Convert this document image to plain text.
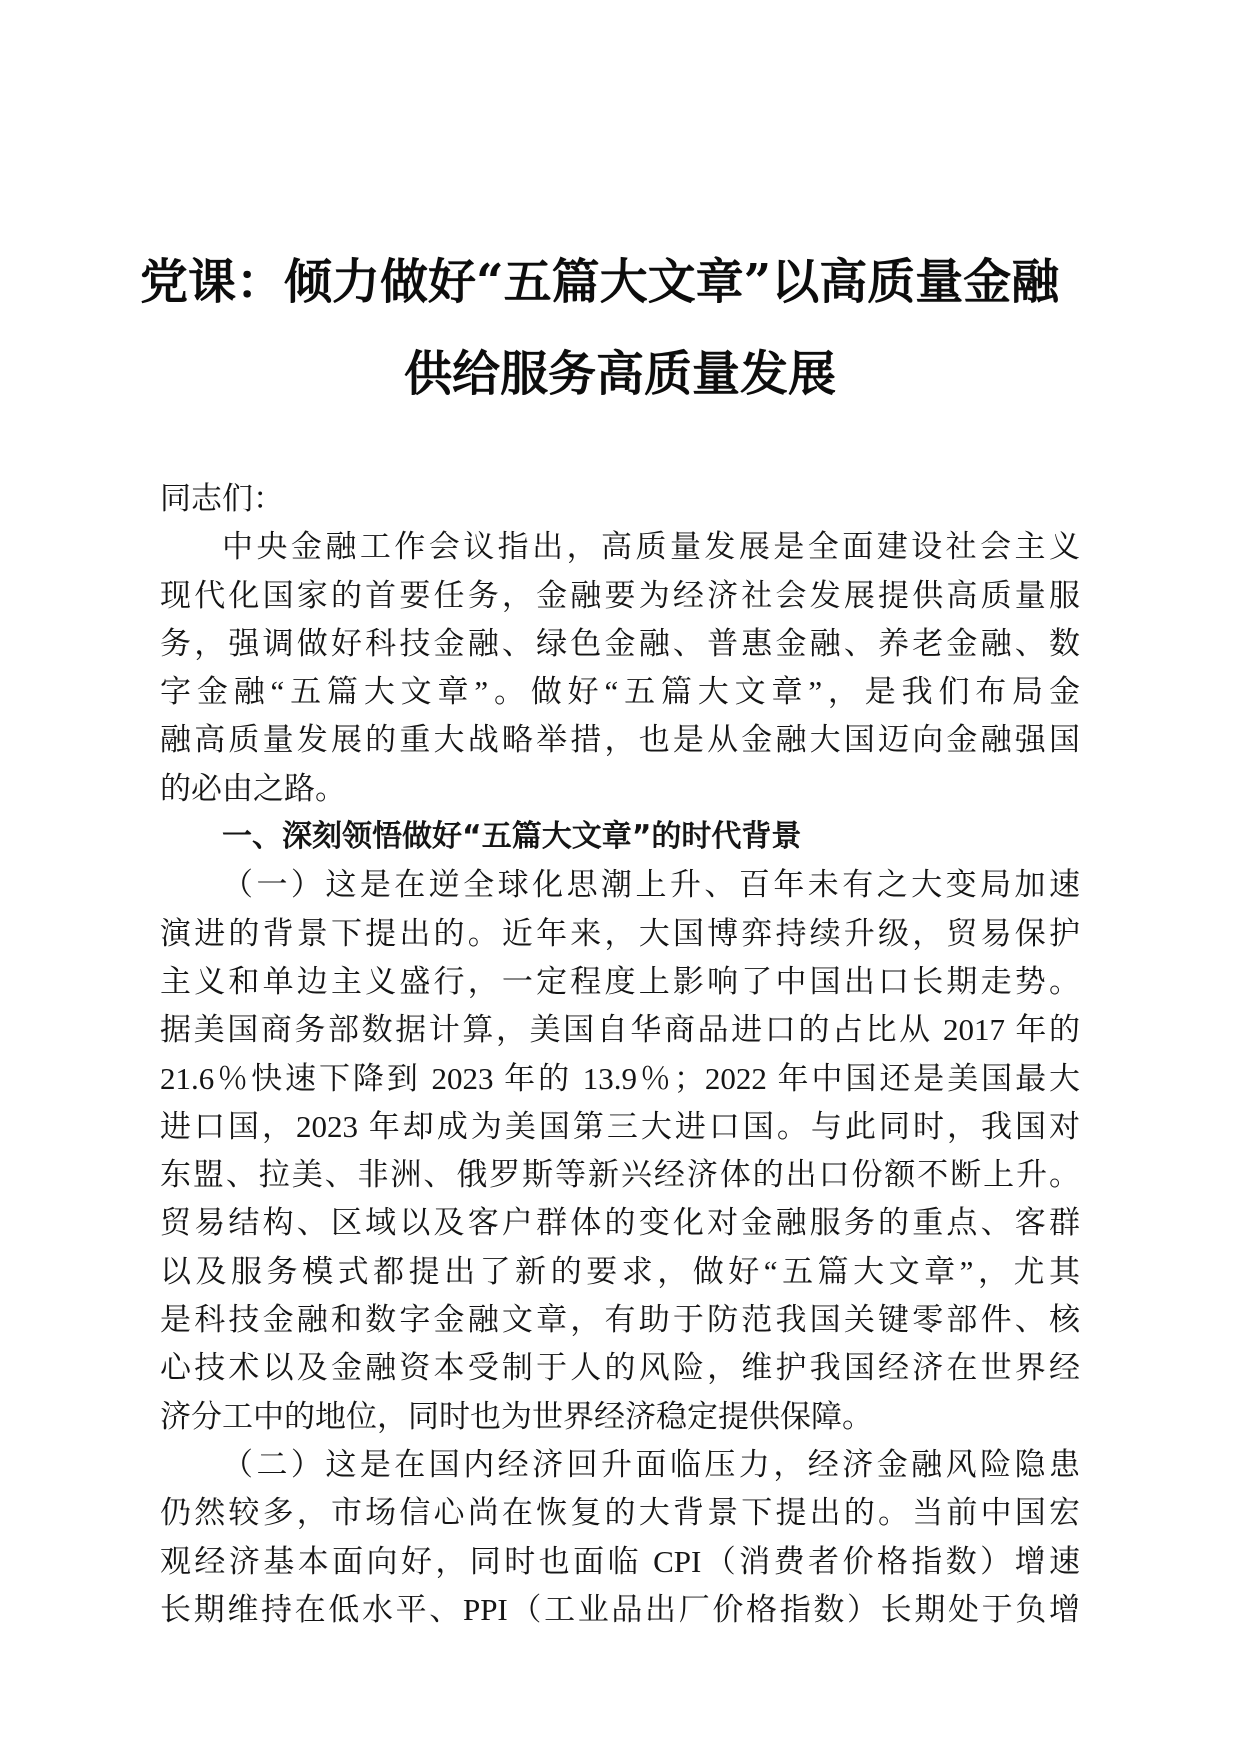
党课：倾力做好“五篇大文章”以高质量金融
供给服务高质量发展
同志们：
中央金融工作会议指出，高质量发展是全面建设社会主义
现代化国家的首要任务，金融要为经济社会发展提供高质量服
务，强调做好科技金融、绿色金融、普惠金融、养老金融、数
字金融“五篇大文章”。做好“五篇大文章”，是我们布局金
融高质量发展的重大战略举措，也是从金融大国迈向金融强国
的必由之路。
一、深刻领悟做好“五篇大文章”的时代背景
（一）这是在逆全球化思潮上升、百年未有之大变局加速
演进的背景下提出的。近年来，大国博弈持续升级，贸易保护
主义和单边主义盛行，一定程度上影响了中国出口长期走势。
据美国商务部数据计算，美国自华商品进口的占比从 2017 年的
21.6％快速下降到 2023 年的 13.9％；2022 年中国还是美国最大
进口国，2023 年却成为美国第三大进口国。与此同时，我国对
东盟、拉美、非洲、俄罗斯等新兴经济体的出口份额不断上升。
贸易结构、区域以及客户群体的变化对金融服务的重点、客群
以及服务模式都提出了新的要求，做好“五篇大文章”，尤其
是科技金融和数字金融文章，有助于防范我国关键零部件、核
心技术以及金融资本受制于人的风险，维护我国经济在世界经
济分工中的地位，同时也为世界经济稳定提供保障。
（二）这是在国内经济回升面临压力，经济金融风险隐患
仍然较多，市场信心尚在恢复的大背景下提出的。当前中国宏
观经济基本面向好，同时也面临 CPI（消费者价格指数）增速
长期维持在低水平、PPI（工业品出厂价格指数）长期处于负增
